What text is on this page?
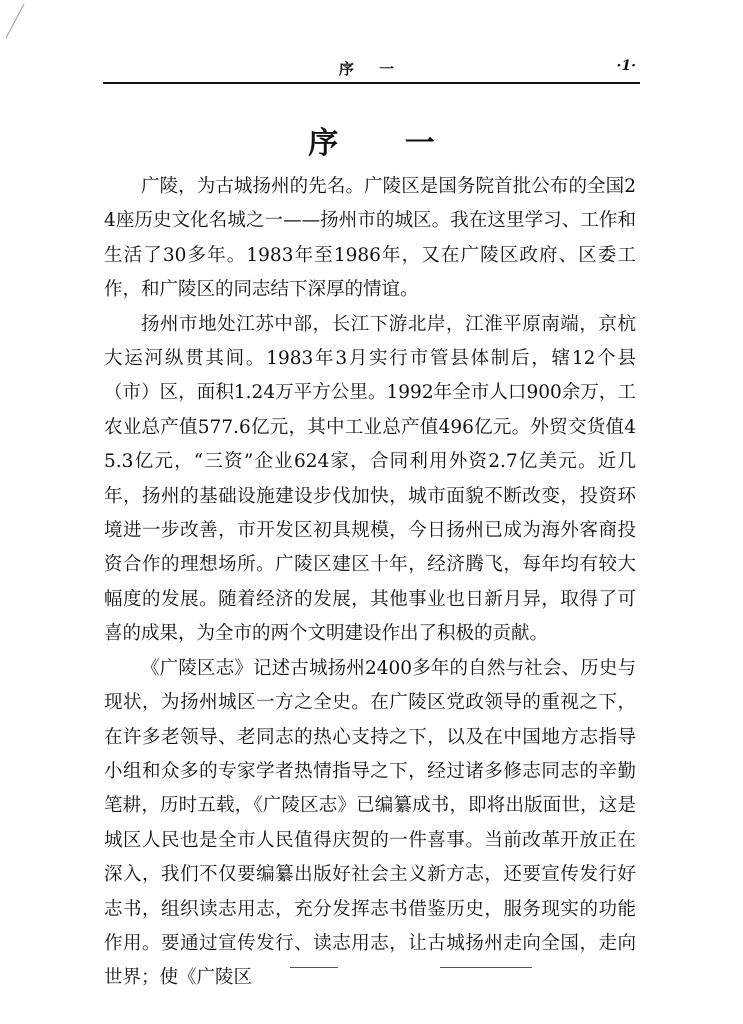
序 一	·1·
序 一

广陵，为古城扬州的先名。广陵区是国务院首批公布的全国24座历史文化名城之一——扬州市的城区。我在这里学习、工作和生活了30多年。1983年至1986年，又在广陵区政府、区委工作，和广陵区的同志结下深厚的情谊。

扬州市地处江苏中部，长江下游北岸，江淮平原南端，京杭大运河纵贯其间。1983年3月实行市管县体制后，辖12个县（市）区，面积1.24万平方公里。1992年全市人口900余万，工农业总产值577.6亿元，其中工业总产值496亿元。外贸交货值45.3亿元，“三资”企业624家，合同利用外资2.7亿美元。近几年，扬州的基础设施建设步伐加快，城市面貌不断改变，投资环境进一步改善，市开发区初具规模，今日扬州已成为海外客商投资合作的理想场所。广陵区建区十年，经济腾飞，每年均有较大幅度的发展。随着经济的发展，其他事业也日新月异，取得了可喜的成果，为全市的两个文明建设作出了积极的贡献。

《广陵区志》记述古城扬州2400多年的自然与社会、历史与现状，为扬州城区一方之全史。在广陵区党政领导的重视之下，在许多老领导、老同志的热心支持之下，以及在中国地方志指导小组和众多的专家学者热情指导之下，经过诸多修志同志的辛勤笔耕，历时五载，《广陵区志》已编纂成书，即将出版面世，这是城区人民也是全市人民值得庆贺的一件喜事。当前改革开放正在深入，我们不仅要编纂出版好社会主义新方志，还要宣传发行好志书，组织读志用志，充分发挥志书借鉴历史，服务现实的功能作用。要通过宣传发行、读志用志，让古城扬州走向全国，走向世界；使《广陵区
